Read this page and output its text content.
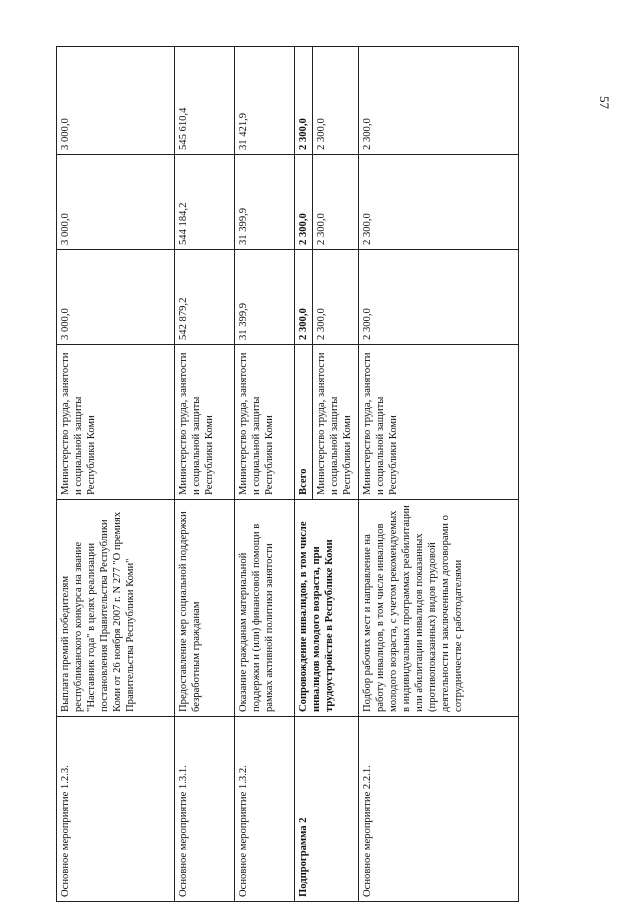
57
Основное мероприятие 1.2.3.	Выплата премий победителям республиканского конкурса на звание "Наставник года" в целях реализации постановления Правительства Республики Коми от 26 ноября 2007 г. N 277 "О премиях Правительства Республики Коми"	Министерство труда, занятости и социальной защиты Республики Коми	3 000,0	3 000,0	3 000,0
Основное мероприятие 1.3.1.	Предоставление мер социальной поддержки безработным гражданам	Министерство труда, занятости и социальной защиты Республики Коми	542 879,2	544 184,2	545 610,4
Основное мероприятие 1.3.2.	Оказание гражданам материальной поддержки и (или) финансовой помощи в рамках активной политики занятости	Министерство труда, занятости и социальной защиты Республики Коми	31 399,9	31 399,9	31 421,9
Подпрограмма 2	Сопровождение инвалидов, в том числе инвалидов молодого возраста, при трудоустройстве в Республике Коми	Всего	2 300,0	2 300,0	2 300,0
		Министерство труда, занятости и социальной защиты Республики Коми	2 300,0	2 300,0	2 300,0
Основное мероприятие 2.2.1.	Подбор рабочих мест и направление на работу инвалидов, в том числе инвалидов молодого возраста, с учетом рекомендуемых в индивидуальных программах реабилитации или абилитации инвалидов показанных (противопоказанных) видов трудовой деятельности и заключенным договорами о сотрудничестве с работодателями	Министерство труда, занятости и социальной защиты Республики Коми	2 300,0	2 300,0	2 300,0
